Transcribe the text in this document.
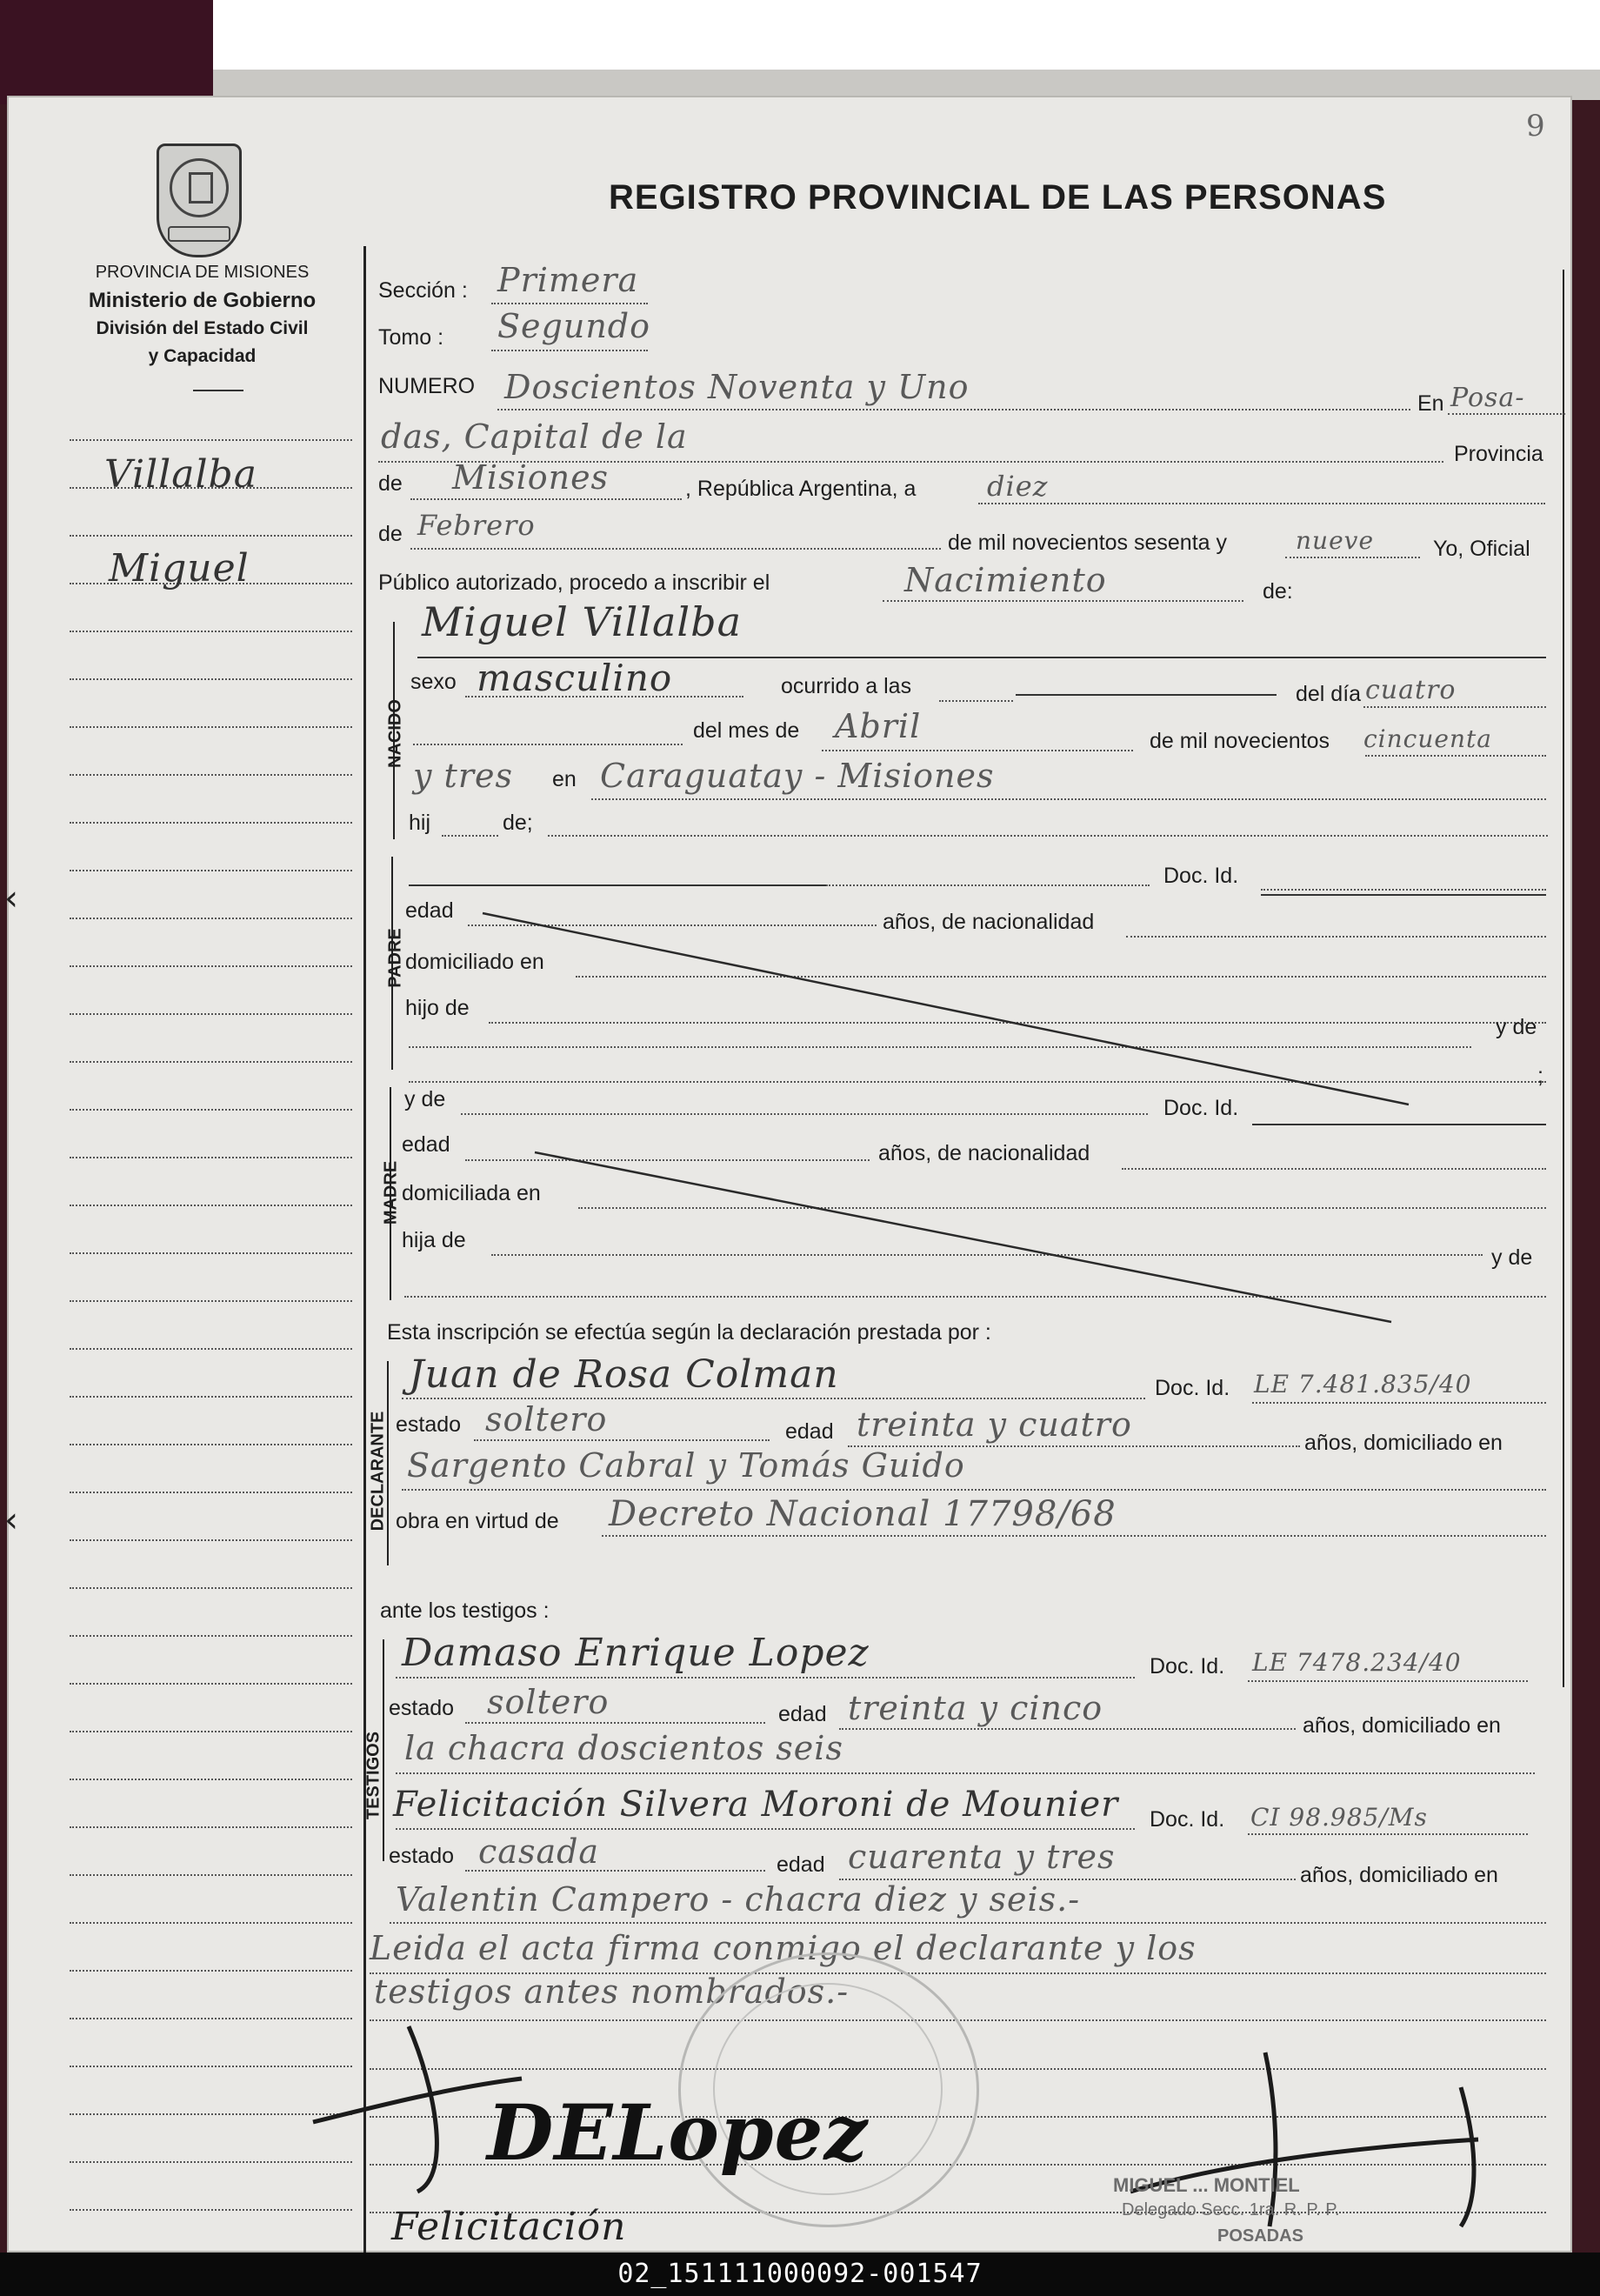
9
PROVINCIA DE MISIONES
Ministerio de Gobierno
División del Estado Civil
y Capacidad
REGISTRO PROVINCIAL DE LAS PERSONAS
Villalba
Miguel
‹
‹
Sección : Primera
Tomo : Segundo
NUMERO Doscientos Noventa y Uno	En Posa-
das, Capital de la	Provincia
de Misiones	, República Argentina, a	diez
de Febrero
de mil novecientos sesenta y	nueve	Yo, Oficial
Público autorizado, procedo a inscribir el	Nacimiento	de:
NACIDO
Miguel Villalba
sexo masculino	ocurrido a las	del día cuatro
del mes de Abril	de mil novecientos cincuenta
y tres en Caraguatay - Misiones
hij	de;
PADRE
Doc. Id.
edad	años, de nacionalidad
domiciliado en
hijo de
y de
;
MADRE
y de	Doc. Id.
edad	años, de nacionalidad
domiciliada en
hija de
y de
Esta inscripción se efectúa según la declaración prestada por :
DECLARANTE
Juan de Rosa Colman	Doc. Id. LE 7.481.835/40
estado soltero	edad treinta y cuatro	años, domiciliado en
Sargento Cabral y Tomás Guido
obra en virtud de Decreto Nacional 17798/68
ante los testigos :
TESTIGOS
Damaso Enrique Lopez	Doc. Id. LE 7478.234/40
estado soltero	edad treinta y cinco	años, domiciliado en
la chacra doscientos seis
Felicitación Silvera Moroni de Mounier Doc. Id. CI 98.985/Ms
estado casada	edad cuarenta y tres	años, domiciliado en
Valentin Campero - chacra diez y seis.-
Leida el acta firma conmigo el declarante y los
testigos antes nombrados.-
DELopez
Felicitación
MIGUEL ... MONTIEL
Delegado Secc. 1ra. R. P. P.
POSADAS
02_151111000092-001547
